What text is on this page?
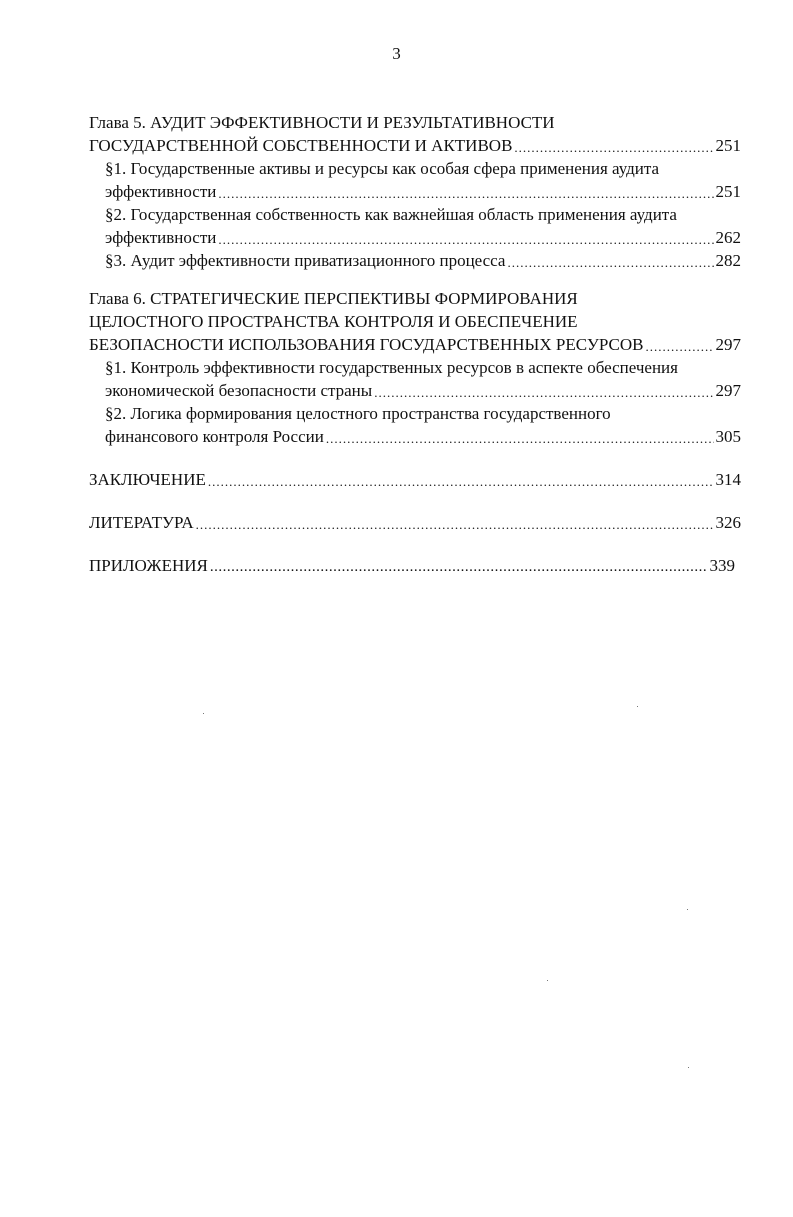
3
Глава 5. АУДИТ ЭФФЕКТИВНОСТИ И РЕЗУЛЬТАТИВНОСТИ
ГОСУДАРСТВЕННОЙ СОБСТВЕННОСТИ И АКТИВОВ .....	251
§1. Государственные активы и ресурсы как особая сфера применения аудита
эффективности .....	251
§2. Государственная собственность как важнейшая область применения аудита
эффективности .....	262
§3. Аудит эффективности приватизационного процесса .....	282
Глава 6. СТРАТЕГИЧЕСКИЕ ПЕРСПЕКТИВЫ ФОРМИРОВАНИЯ
ЦЕЛОСТНОГО ПРОСТРАНСТВА КОНТРОЛЯ И ОБЕСПЕЧЕНИЕ
БЕЗОПАСНОСТИ ИСПОЛЬЗОВАНИЯ ГОСУДАРСТВЕННЫХ РЕСУРСОВ .....	297
§1. Контроль эффективности государственных ресурсов в аспекте обеспечения
экономической безопасности страны .....	297
§2. Логика формирования целостного пространства государственного
финансового контроля России .....	305
ЗАКЛЮЧЕНИЕ .....	314
ЛИТЕРАТУРА .....	326
ПРИЛОЖЕНИЯ .....	339
